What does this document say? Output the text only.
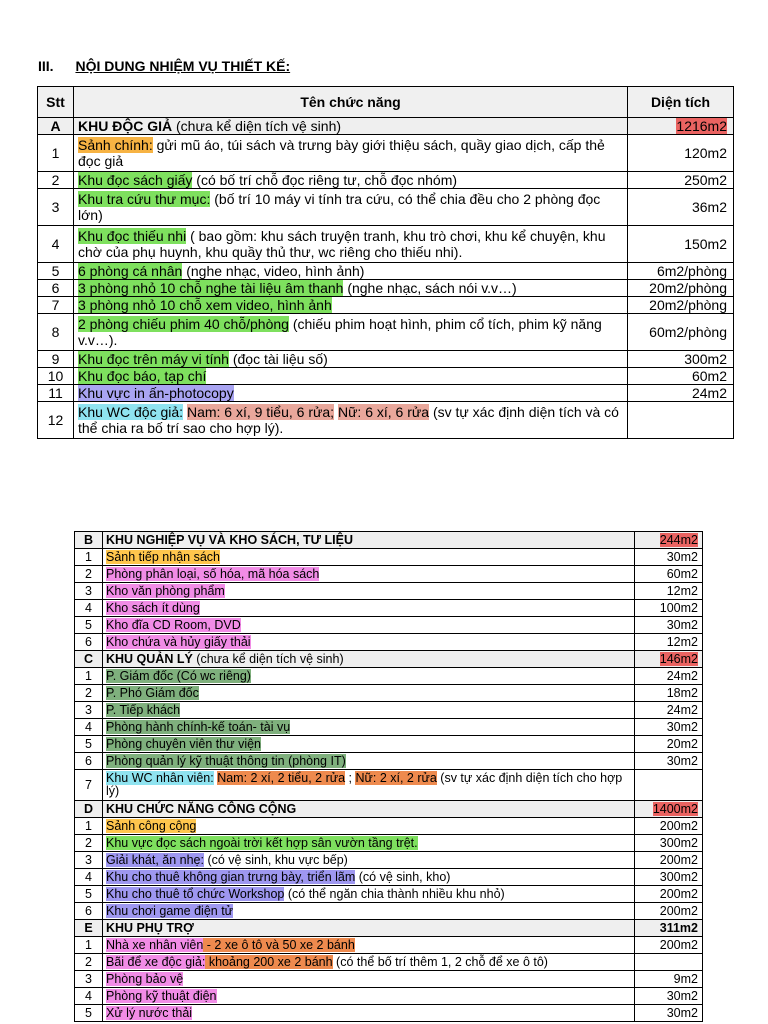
III. NỘI DUNG NHIỆM VỤ THIẾT KẾ:
Stt	Tên chức năng	Diện tích
A	KHU ĐỘC GIẢ (chưa kể diện tích vệ sinh)	1216m2
1	Sảnh chính: gửi mũ áo, túi sách và trưng bày giới thiệu sách, quầy giao dịch, cấp thẻ đọc giả	120m2
2	Khu đọc sách giấy (có bố trí chỗ đọc riêng tư, chỗ đọc nhóm)	250m2
3	Khu tra cứu thư mục: (bố trí 10 máy vi tính tra cứu, có thể chia đều cho 2 phòng đọc lớn)	36m2
4	Khu đọc thiếu nhi ( bao gồm: khu sách truyện tranh, khu trò chơi, khu kể chuyện, khu chờ của phụ huynh, khu quầy thủ thư, wc riêng cho thiếu nhi).	150m2
5	6 phòng cá nhân (nghe nhạc, video, hình ảnh)	6m2/phòng
6	3 phòng nhỏ 10 chỗ nghe tài liệu âm thanh (nghe nhạc, sách nói v.v…)	20m2/phòng
7	3 phòng nhỏ 10 chỗ xem video, hình ảnh	20m2/phòng
8	2 phòng chiếu phim 40 chỗ/phòng (chiếu phim hoạt hình, phim cổ tích, phim kỹ năng v.v…).	60m2/phòng
9	Khu đọc trên máy vi tính (đọc tài liệu số)	300m2
10	Khu đọc báo, tạp chí	60m2
11	Khu vực in ấn-photocopy	24m2
12	Khu WC độc giả: Nam: 6 xí, 9 tiểu, 6 rửa; Nữ: 6 xí, 6 rửa (sv tự xác định diện tích và có thể chia ra bố trí sao cho hợp lý).	
B	KHU NGHIỆP VỤ VÀ KHO SÁCH, TƯ LIỆU	244m2
1	Sảnh tiếp nhận sách	30m2
2	Phòng phân loại, số hóa, mã hóa sách	60m2
3	Kho văn phòng phẩm	12m2
4	Kho sách ít dùng	100m2
5	Kho đĩa CD Room, DVD	30m2
6	Kho chứa và hủy giấy thải	12m2
C	KHU QUẢN LÝ (chưa kể diện tích vệ sinh)	146m2
1	P. Giám đốc (Có wc riêng)	24m2
2	P. Phó Giám đốc	18m2
3	P. Tiếp khách	24m2
4	Phòng hành chính-kế toán- tài vụ	30m2
5	Phòng chuyên viên thư viện	20m2
6	Phòng quản lý kỹ thuật thông tin (phòng IT)	30m2
7	Khu WC nhân viên: Nam: 2 xí, 2 tiểu, 2 rửa ; Nữ: 2 xí, 2 rửa (sv tự xác định diện tích cho hợp lý)	
D	KHU CHỨC NĂNG CÔNG CỘNG	1400m2
1	Sảnh công cộng	200m2
2	Khu vực đọc sách ngoài trời kết hợp sân vườn tầng trệt.	300m2
3	Giải khát, ăn nhẹ: (có vệ sinh, khu vực bếp)	200m2
4	Khu cho thuê không gian trưng bày, triển lãm (có vệ sinh, kho)	300m2
5	Khu cho thuê tổ chức Workshop (có thể ngăn chia thành nhiều khu nhỏ)	200m2
6	Khu chơi game điện tử	200m2
E	KHU PHỤ TRỢ	311m2
1	Nhà xe nhân viên - 2 xe ô tô và 50 xe 2 bánh	200m2
2	Bãi để xe độc giả: khoảng 200 xe 2 bánh (có thể bố trí thêm 1, 2 chỗ để xe ô tô)	
3	Phòng bảo vệ	9m2
4	Phòng kỹ thuật điện	30m2
5	Xử lý nước thải	30m2
